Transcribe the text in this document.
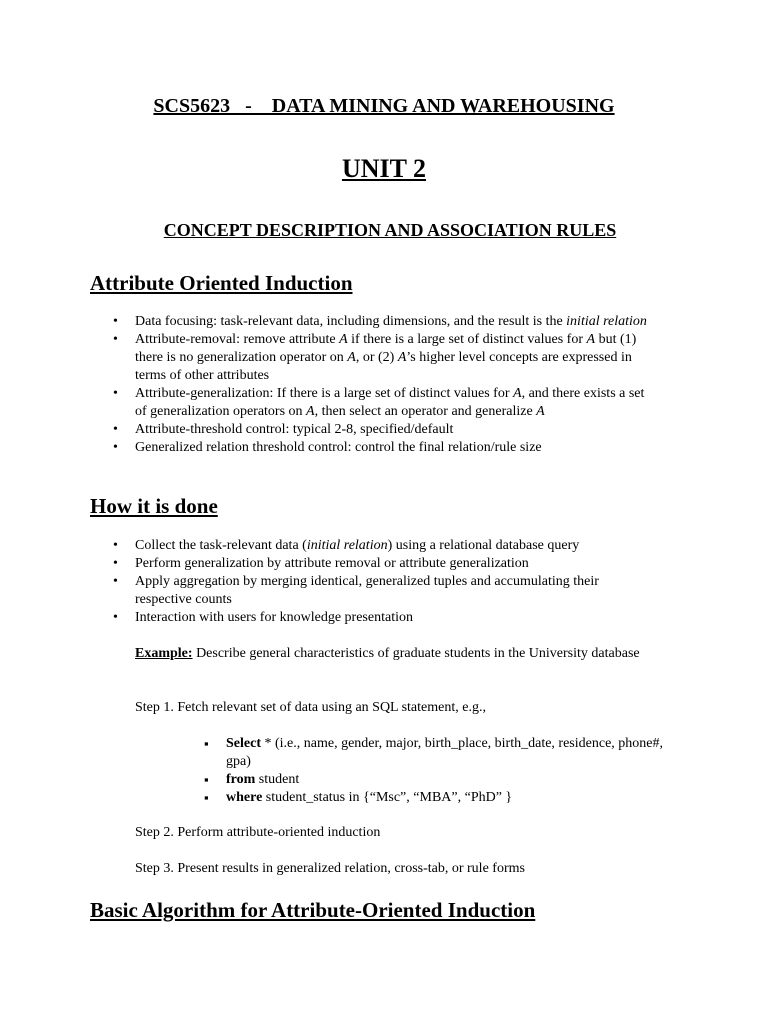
SCS5623   -    DATA MINING AND WAREHOUSING
UNIT 2
CONCEPT DESCRIPTION AND ASSOCIATION RULES
Attribute Oriented Induction
• Data focusing: task-relevant data, including dimensions, and the result is the initial relation
• Attribute-removal: remove attribute A if there is a large set of distinct values for A but (1) there is no generalization operator on A, or (2) A’s higher level concepts are expressed in terms of other attributes
• Attribute-generalization: If there is a large set of distinct values for A, and there exists a set of generalization operators on A, then select an operator and generalize A
• Attribute-threshold control: typical 2-8, specified/default
• Generalized relation threshold control: control the final relation/rule size
How it is done
• Collect the task-relevant data (initial relation) using a relational database query
• Perform generalization by attribute removal or attribute generalization
• Apply aggregation by merging identical, generalized tuples and accumulating their respective counts
• Interaction with users for knowledge presentation

Example: Describe general characteristics of graduate students in the University database

Step 1. Fetch relevant set of data using an SQL statement, e.g.,

▪ Select * (i.e., name, gender, major, birth_place, birth_date, residence, phone#, gpa)
▪ from student
▪ where student_status in {“Msc”, “MBA”, “PhD” }

Step 2. Perform attribute-oriented induction

Step 3. Present results in generalized relation, cross-tab, or rule forms

Basic Algorithm for Attribute-Oriented Induction
